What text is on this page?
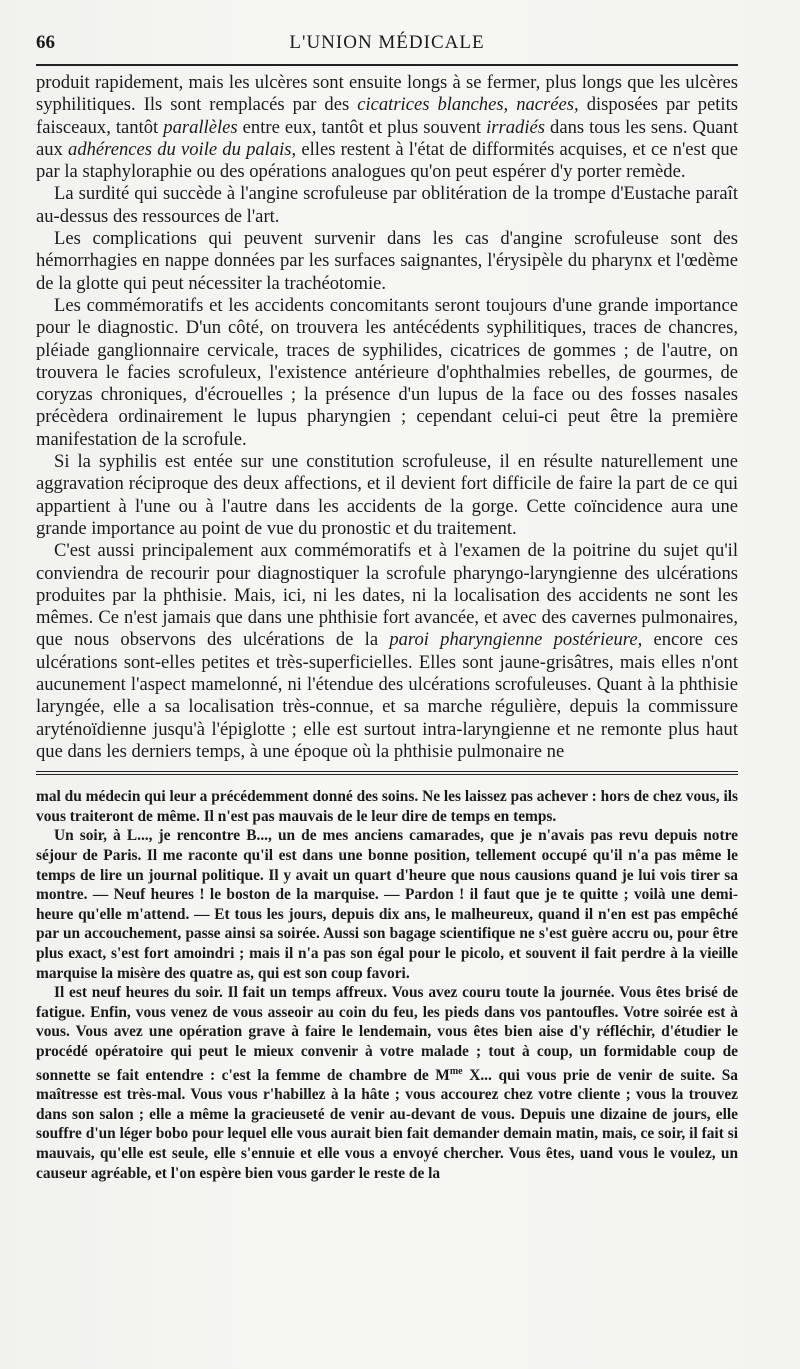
66	L'UNION MÉDICALE

produit rapidement, mais les ulcères sont ensuite longs à se fermer, plus longs que les ulcères syphilitiques. Ils sont remplacés par des cicatrices blanches, nacrées, disposées par petits faisceaux, tantôt parallèles entre eux, tantôt et plus souvent irradiés dans tous les sens. Quant aux adhérences du voile du palais, elles restent à l'état de difformités acquises, et ce n'est que par la staphyloraphie ou des opérations analogues qu'on peut espérer d'y porter remède.

La surdité qui succède à l'angine scrofuleuse par oblitération de la trompe d'Eustache paraît au-dessus des ressources de l'art.

Les complications qui peuvent survenir dans les cas d'angine scrofuleuse sont des hémorrhagies en nappe données par les surfaces saignantes, l'érysipèle du pharynx et l'œdème de la glotte qui peut nécessiter la trachéotomie.

Les commémoratifs et les accidents concomitants seront toujours d'une grande importance pour le diagnostic. D'un côté, on trouvera les antécédents syphilitiques, traces de chancres, pléiade ganglionnaire cervicale, traces de syphilides, cicatrices de gommes ; de l'autre, on trouvera le facies scrofuleux, l'existence antérieure d'ophthalmies rebelles, de gourmes, de coryzas chroniques, d'écrouelles ; la présence d'un lupus de la face ou des fosses nasales précèdera ordinairement le lupus pharyngien ; cependant celui-ci peut être la première manifestation de la scrofule.

Si la syphilis est entée sur une constitution scrofuleuse, il en résulte naturellement une aggravation réciproque des deux affections, et il devient fort difficile de faire la part de ce qui appartient à l'une ou à l'autre dans les accidents de la gorge. Cette coïncidence aura une grande importance au point de vue du pronostic et du traitement.

C'est aussi principalement aux commémoratifs et à l'examen de la poitrine du sujet qu'il conviendra de recourir pour diagnostiquer la scrofule pharyngo-laryngienne des ulcérations produites par la phthisie. Mais, ici, ni les dates, ni la localisation des accidents ne sont les mêmes. Ce n'est jamais que dans une phthisie fort avancée, et avec des cavernes pulmonaires, que nous observons des ulcérations de la paroi pharyngienne postérieure, encore ces ulcérations sont-elles petites et très-superficielles. Elles sont jaune-grisâtres, mais elles n'ont aucunement l'aspect mamelonné, ni l'étendue des ulcérations scrofuleuses. Quant à la phthisie laryngée, elle a sa localisation très-connue, et sa marche régulière, depuis la commissure aryténoïdienne jusqu'à l'épiglotte ; elle est surtout intra-laryngienne et ne remonte plus haut que dans les derniers temps, à une époque où la phthisie pulmonaire ne

mal du médecin qui leur a précédemment donné des soins. Ne les laissez pas achever : hors de chez vous, ils vous traiteront de même. Il n'est pas mauvais de le leur dire de temps en temps.

Un soir, à L..., je rencontre B..., un de mes anciens camarades, que je n'avais pas revu depuis notre séjour de Paris. Il me raconte qu'il est dans une bonne position, tellement occupé qu'il n'a pas même le temps de lire un journal politique. Il y avait un quart d'heure que nous causions quand je lui vois tirer sa montre. — Neuf heures ! le boston de la marquise. — Pardon ! il faut que je te quitte ; voilà une demi-heure qu'elle m'attend. — Et tous les jours, depuis dix ans, le malheureux, quand il n'en est pas empêché par un accouchement, passe ainsi sa soirée. Aussi son bagage scientifique ne s'est guère accru ou, pour être plus exact, s'est fort amoindri ; mais il n'a pas son égal pour le picolo, et souvent il fait perdre à la vieille marquise la misère des quatre as, qui est son coup favori.

Il est neuf heures du soir. Il fait un temps affreux. Vous avez couru toute la journée. Vous êtes brisé de fatigue. Enfin, vous venez de vous asseoir au coin du feu, les pieds dans vos pantoufles. Votre soirée est à vous. Vous avez une opération grave à faire le lendemain, vous êtes bien aise d'y réfléchir, d'étudier le procédé opératoire qui peut le mieux convenir à votre malade ; tout à coup, un formidable coup de sonnette se fait entendre : c'est la femme de chambre de $M^{me}$ X... qui vous prie de venir de suite. Sa maîtresse est très-mal. Vous vous r'habillez à la hâte ; vous accourez chez votre cliente ; vous la trouvez dans son salon ; elle a même la gracieuseté de venir au-devant de vous. Depuis une dizaine de jours, elle souffre d'un léger bobo pour lequel elle vous aurait bien fait demander demain matin, mais, ce soir, il fait si mauvais, qu'elle est seule, elle s'ennuie et elle vous a envoyé chercher. Vous êtes, uand vous le voulez, un causeur agréable, et l'on espère bien vous garder le reste de la
